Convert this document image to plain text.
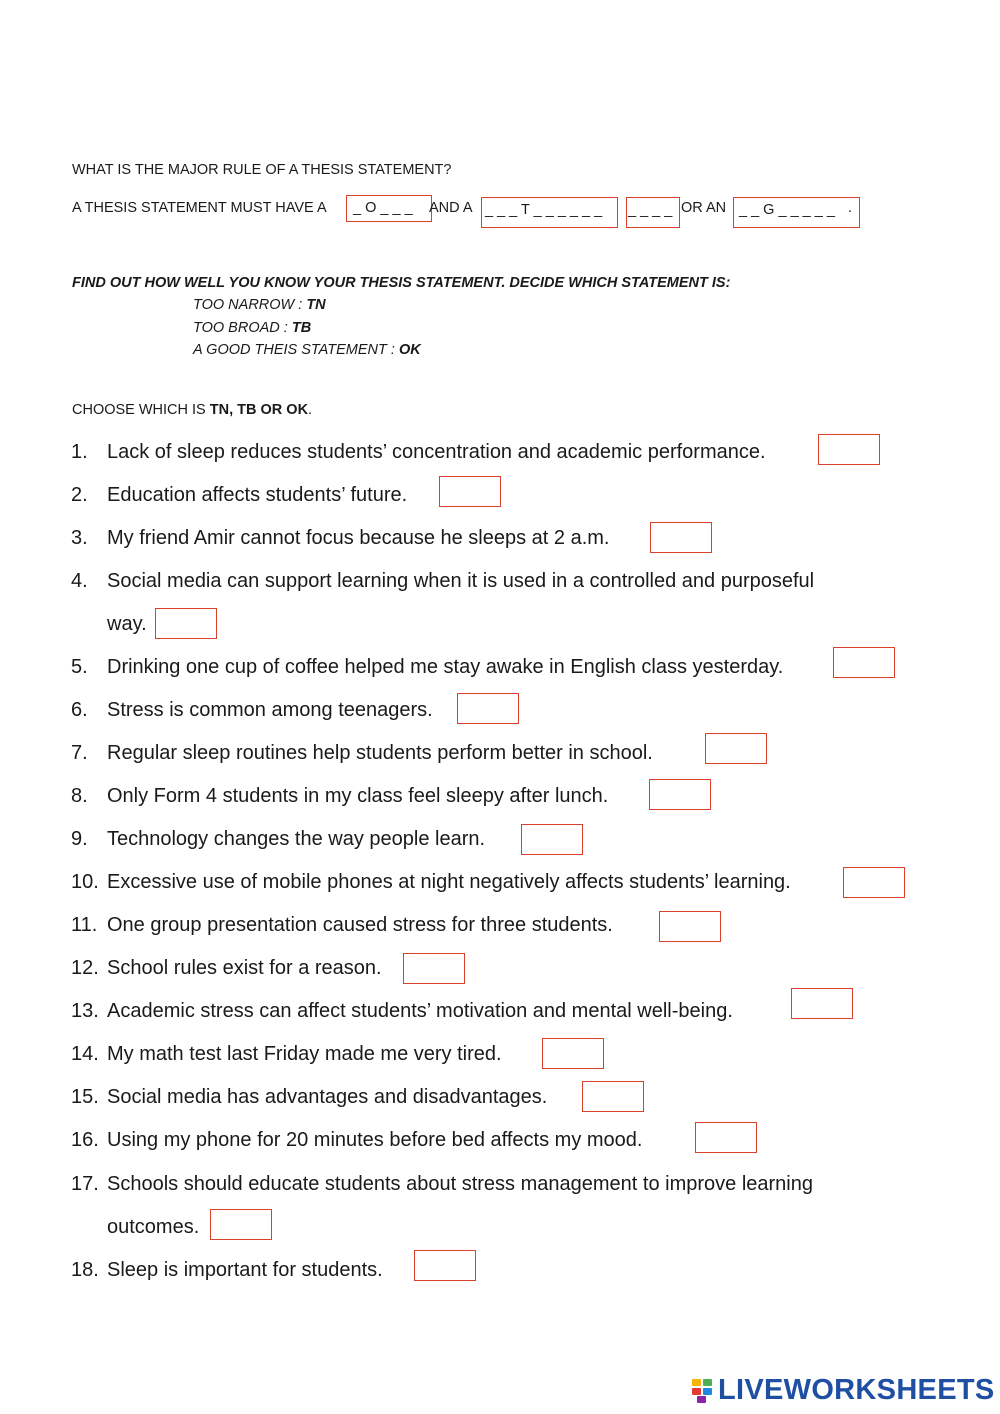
WHAT IS THE MAJOR RULE OF A THESIS STATEMENT?
A THESIS STATEMENT MUST HAVE A _ O _ _ _ AND A _ _ _ T _ _ _ _ _ _ _ _ _ _ OR AN _ _ G _ _ _ _ _ .
FIND OUT HOW WELL YOU KNOW YOUR THESIS STATEMENT. DECIDE WHICH STATEMENT IS:
TOO NARROW : TN
TOO BROAD : TB
A GOOD THEIS STATEMENT : OK
CHOOSE WHICH IS TN, TB OR OK.
1. Lack of sleep reduces students’ concentration and academic performance.
2. Education affects students’ future.
3. My friend Amir cannot focus because he sleeps at 2 a.m.
4. Social media can support learning when it is used in a controlled and purposeful
way.
5. Drinking one cup of coffee helped me stay awake in English class yesterday.
6. Stress is common among teenagers.
7. Regular sleep routines help students perform better in school.
8. Only Form 4 students in my class feel sleepy after lunch.
9. Technology changes the way people learn.
10. Excessive use of mobile phones at night negatively affects students’ learning.
11. One group presentation caused stress for three students.
12. School rules exist for a reason.
13. Academic stress can affect students’ motivation and mental well-being.
14. My math test last Friday made me very tired.
15. Social media has advantages and disadvantages.
16. Using my phone for 20 minutes before bed affects my mood.
17. Schools should educate students about stress management to improve learning
outcomes.
18. Sleep is important for students.
LIVEWORKSHEETS
